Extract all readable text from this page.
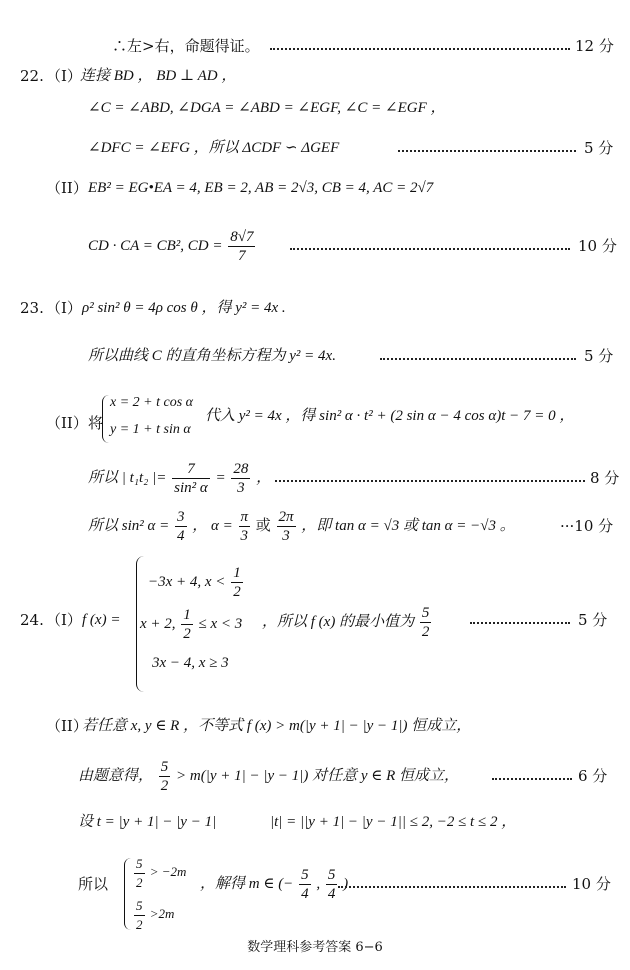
∴左>右，命题得证。	12 分
22. （I）
连接 BD ， BD ⊥ AD ，
∠C = ∠ABD, ∠DGA = ∠ABD = ∠EGF, ∠C = ∠EGF ，
∠DFC = ∠EFG ，所以 ΔCDF ∽ ΔGEF	5 分
（II） EB² = EG•EA = 4, EB = 2, AB = 2√3, CB = 4, AC = 2√7
CD · CA = CB², CD = $\frac{8√7}{7}$	10 分
23. （I） ρ² sin² θ = 4ρ cos θ ，得 y² = 4x .
所以曲线 C 的直角坐标方程为 y² = 4x.	5 分
（II）将
x = 2 + t cos α
y = 1 + t sin α
代入 y² = 4x ，得 sin² α · t² + (2 sin α − 4 cos α)t − 7 = 0 ，
所以 | t₁t₂ |= $\frac{7}{\text{sin² α}} = \frac{28}{3}$ ，	8 分
所以 sin² $\alpha = \frac{3}{4}$ ， $\alpha = \frac{\pi}{3}$ 或 $\frac{2\pi}{3}$ ，即 tan α = √3 或 tan α = −√3 。	···10 分
24. （I） f (x) =
−3x + 4, $x < \frac{1}{2}$
x + 2, $\frac{1}{2} \le x < 3$
3x − 4, x ≥ 3
，所以 f (x) 的最小值为 $\frac{5}{2}$	5 分
（II）
若任意 x, y ∈ R ，不等式 f (x) > m(|y + 1| − |y − 1|) 恒成立，
由题意得， $\frac{5}{2} > m(|y + 1| - |y - 1|)$ 对任意 y ∈ R 恒成立，	6 分
设 t = |y + 1| − |y − 1|	|t| = ||y + 1| − |y − 1|| ≤ 2, −2 ≤ t ≤ 2 ，
所以 $\frac{5}{2} > -2m$
$\frac{5}{2} >2m$
，解得 m ∈ (− $\frac{5}{4}$ , $\frac{5}{4}$ )	10 分
数学理科参考答案 6−6
